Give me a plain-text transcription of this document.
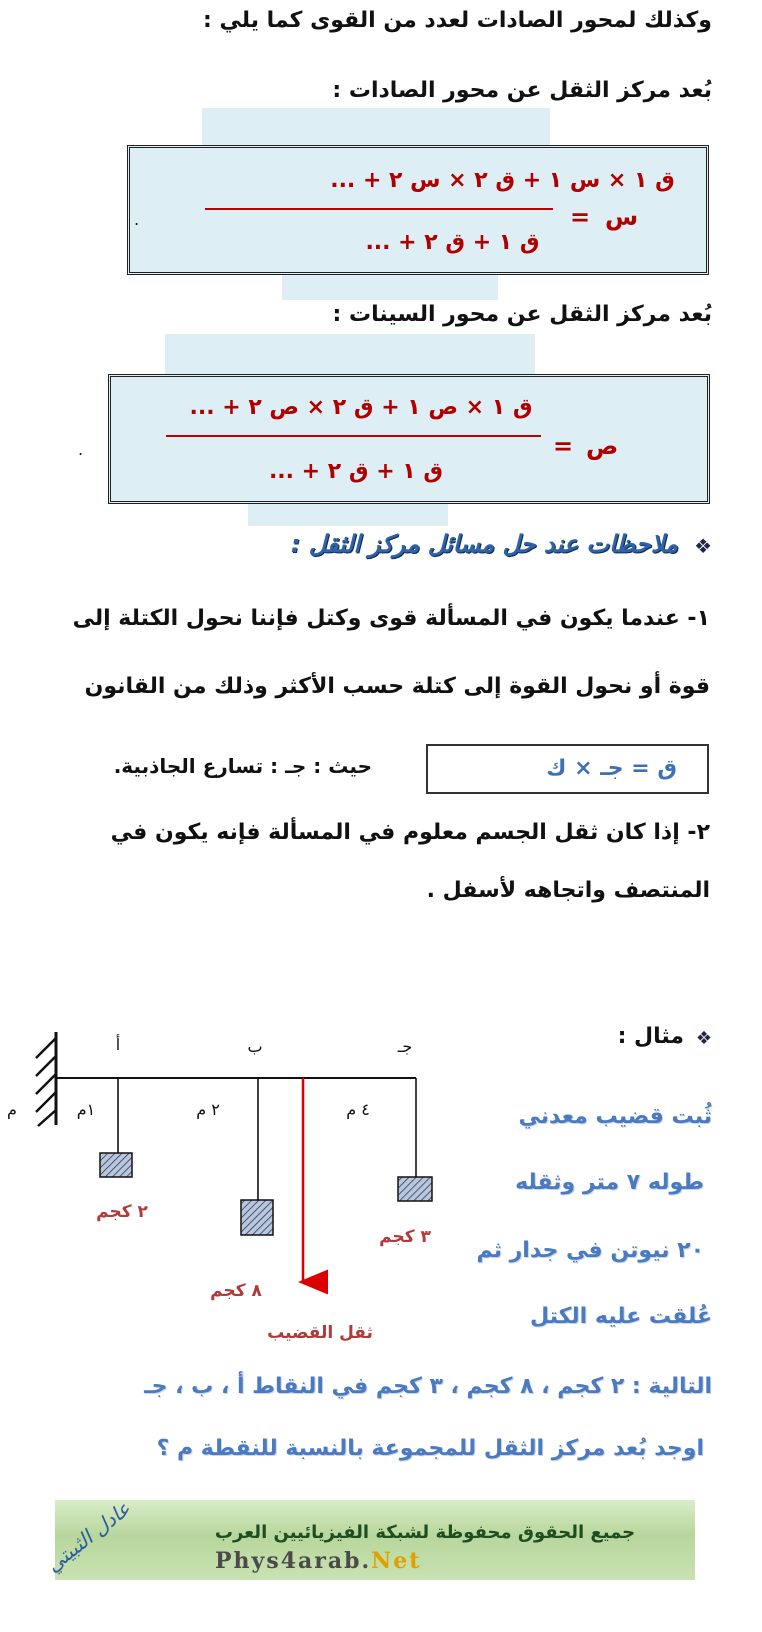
وكذلك لمحور الصادات لعدد من القوى كما يلي :
بُعد مركز الثقل عن محور الصادات :
ق ١ × س ١ + ق ٢ × س ٢ + ...
ق ١ + ق ٢ + ...
س
=
.
بُعد مركز الثقل عن محور السينات :
ق ١ × ص ١ + ق ٢ × ص ٢ + ...
ق ١ + ق ٢ + ...
ص
=
.
❖
ملاحظات عند حل مسائل مركز الثقل :
١- عندما يكون في المسألة قوى وكتل فإننا نحول الكتلة إلى
قوة أو نحول القوة إلى كتلة حسب الأكثر وذلك من القانون
ق = جـ × ك
حيث : جـ : تسارع الجاذبية.
٢- إذا كان ثقل الجسم معلوم في المسألة فإنه يكون في
المنتصف واتجاهه لأسفل .
❖
مثال :
ثُبت قضيب معدني
طوله ٧ متر وثقله
٢٠ نيوتن في جدار ثم
عُلقت عليه الكتل
التالية : ٢ كجم ، ٨ كجم ، ٣ كجم في النقاط أ ، ب ، جـ
اوجد بُعد مركز الثقل للمجموعة بالنسبة للنقطة م ؟
أ	ب	جـ
م	١م	٢ م	٤ م
٢ كجم
٣ كجم
٨ كجم
ثقل القضيب
جميع الحقوق محفوظة لشبكة الفيزيائيين العرب
Phys4arab.Net
عادل الثبيتي
